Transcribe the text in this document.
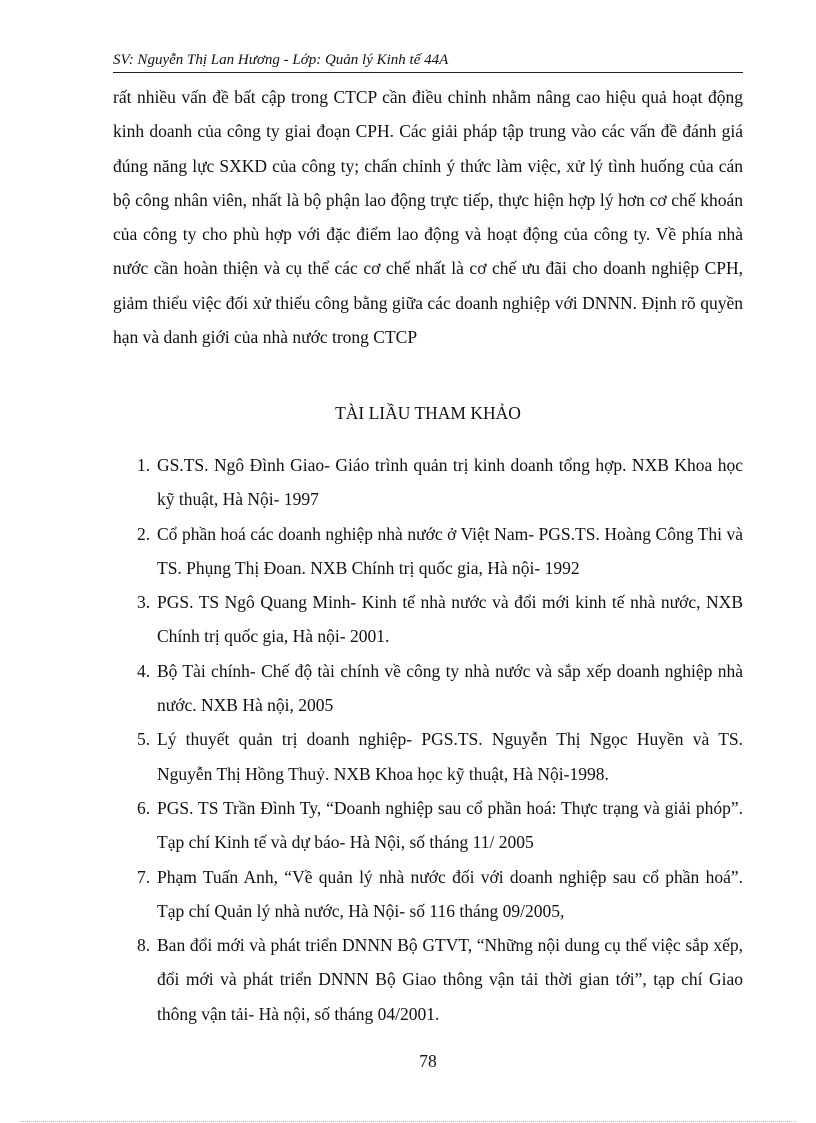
SV: Nguyễn Thị Lan Hương - Lớp: Quản lý Kinh tế 44A

rất nhiều vấn đề bất cập trong CTCP cần điều chỉnh nhằm nâng cao hiệu quả hoạt động kinh doanh của công ty giai đoạn CPH. Các giải pháp tập trung vào các vấn đề đánh giá đúng năng lực SXKD của công ty; chấn chỉnh ý thức làm việc, xử lý tình huống của cán bộ công nhân viên, nhất là bộ phận lao động trực tiếp, thực hiện hợp lý hơn cơ chế khoán của công ty cho phù hợp với đặc điểm lao động và hoạt động của công ty. Về phía nhà nước cần hoàn thiện và cụ thể các cơ chế nhất là cơ chế ưu đãi cho doanh nghiệp CPH, giảm thiểu việc đối xử thiếu công bằng giữa các doanh nghiệp với DNNN. Định rõ quyền hạn và danh giới của nhà nước trong CTCP

TÀI LIẦU THAM KHẢO
1. GS.TS. Ngô Đình Giao- Giáo trình quản trị kinh doanh tổng hợp. NXB Khoa học kỹ thuật, Hà Nội- 1997
2. Cổ phần hoá các doanh nghiệp nhà nước ở Việt Nam- PGS.TS. Hoàng Công Thi và TS. Phụng Thị Đoan. NXB Chính trị quốc gia, Hà nội- 1992
3. PGS. TS Ngô Quang Minh- Kinh tế nhà nước và đổi mới kinh tế nhà nước, NXB Chính trị quốc gia, Hà nội- 2001.
4. Bộ Tài chính- Chế độ tài chính về công ty nhà nước và sắp xếp doanh nghiệp nhà nước. NXB Hà nội, 2005
5. Lý thuyết quản trị doanh nghiệp- PGS.TS. Nguyễn Thị Ngọc Huyền và TS. Nguyễn Thị Hồng Thuỷ. NXB Khoa học kỹ thuật, Hà Nội-1998.
6. PGS. TS Trần Đình Ty, “Doanh nghiệp sau cổ phần hoá: Thực trạng và giải phóp”. Tạp chí Kinh tế và dự báo- Hà Nội, số tháng 11/ 2005
7. Phạm Tuấn Anh, “Về quản lý nhà nước đối với doanh nghiệp sau cổ phần hoá”. Tạp chí Quản lý nhà nước, Hà Nội- số 116 tháng 09/2005,
8. Ban đổi mới và phát triển DNNN Bộ GTVT, “Những nội dung cụ thể việc sắp xếp, đổi mới và phát triển DNNN Bộ Giao thông vận tải thời gian tới”, tạp chí Giao thông vận tải- Hà nội, số tháng 04/2001.
78
